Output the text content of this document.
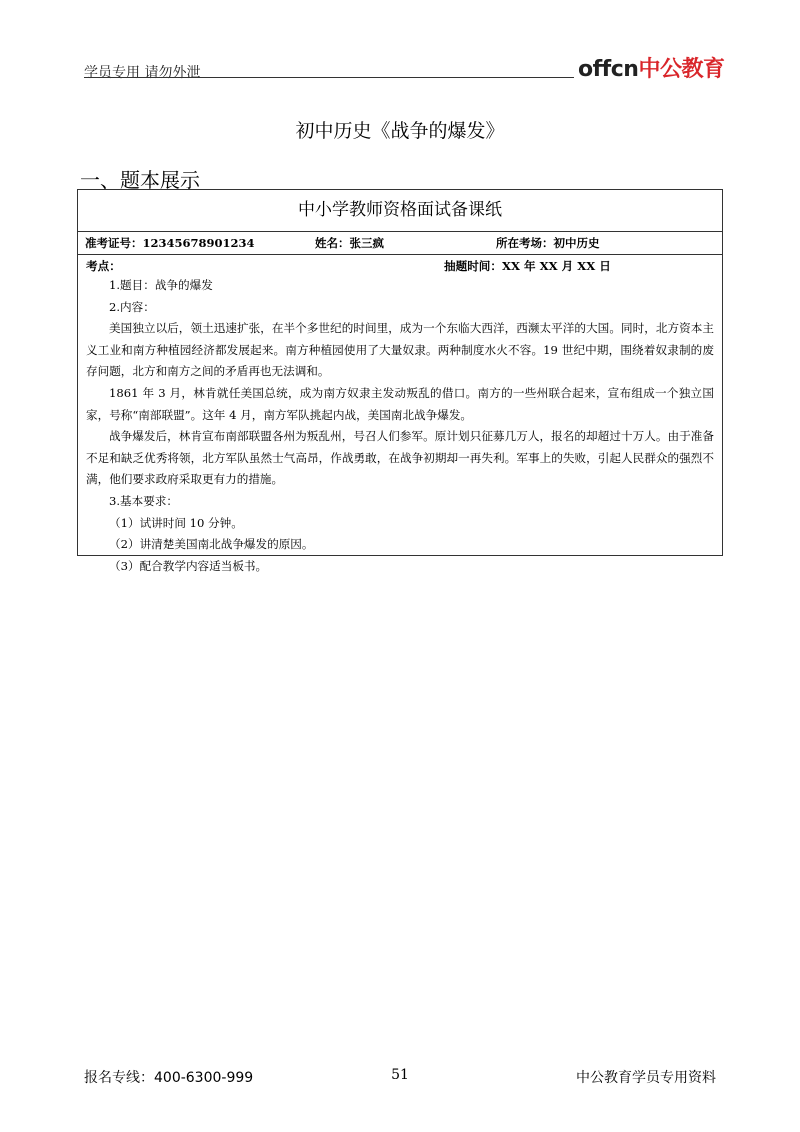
学员专用 请勿外泄	offcn中公教育
初中历史《战争的爆发》
一、题本展示
中小学教师资格面试备课纸
准考证号：12345678901234	姓名：张三疯	所在考场：初中历史
考点：	抽题时间：XX 年 XX 月 XX 日

1.题目：战争的爆发

2.内容：

美国独立以后，领土迅速扩张，在半个多世纪的时间里，成为一个东临大西洋，西濒太平洋的大国。同时，北方资本主义工业和南方种植园经济都发展起来。南方种植园使用了大量奴隶。两种制度水火不容。19 世纪中期，围绕着奴隶制的废存问题，北方和南方之间的矛盾再也无法调和。

1861 年 3 月，林肯就任美国总统，成为南方奴隶主发动叛乱的借口。南方的一些州联合起来，宣布组成一个独立国家，号称“南部联盟”。这年 4 月，南方军队挑起内战，美国南北战争爆发。

战争爆发后，林肯宣布南部联盟各州为叛乱州，号召人们参军。原计划只征募几万人，报名的却超过十万人。由于准备不足和缺乏优秀将领，北方军队虽然士气高昂，作战勇敢，在战争初期却一再失利。军事上的失败，引起人民群众的强烈不满，他们要求政府采取更有力的措施。

3.基本要求：

（1）试讲时间 10 分钟。

（2）讲清楚美国南北战争爆发的原因。

（3）配合教学内容适当板书。

报名专线：400-6300-999	51	中公教育学员专用资料
